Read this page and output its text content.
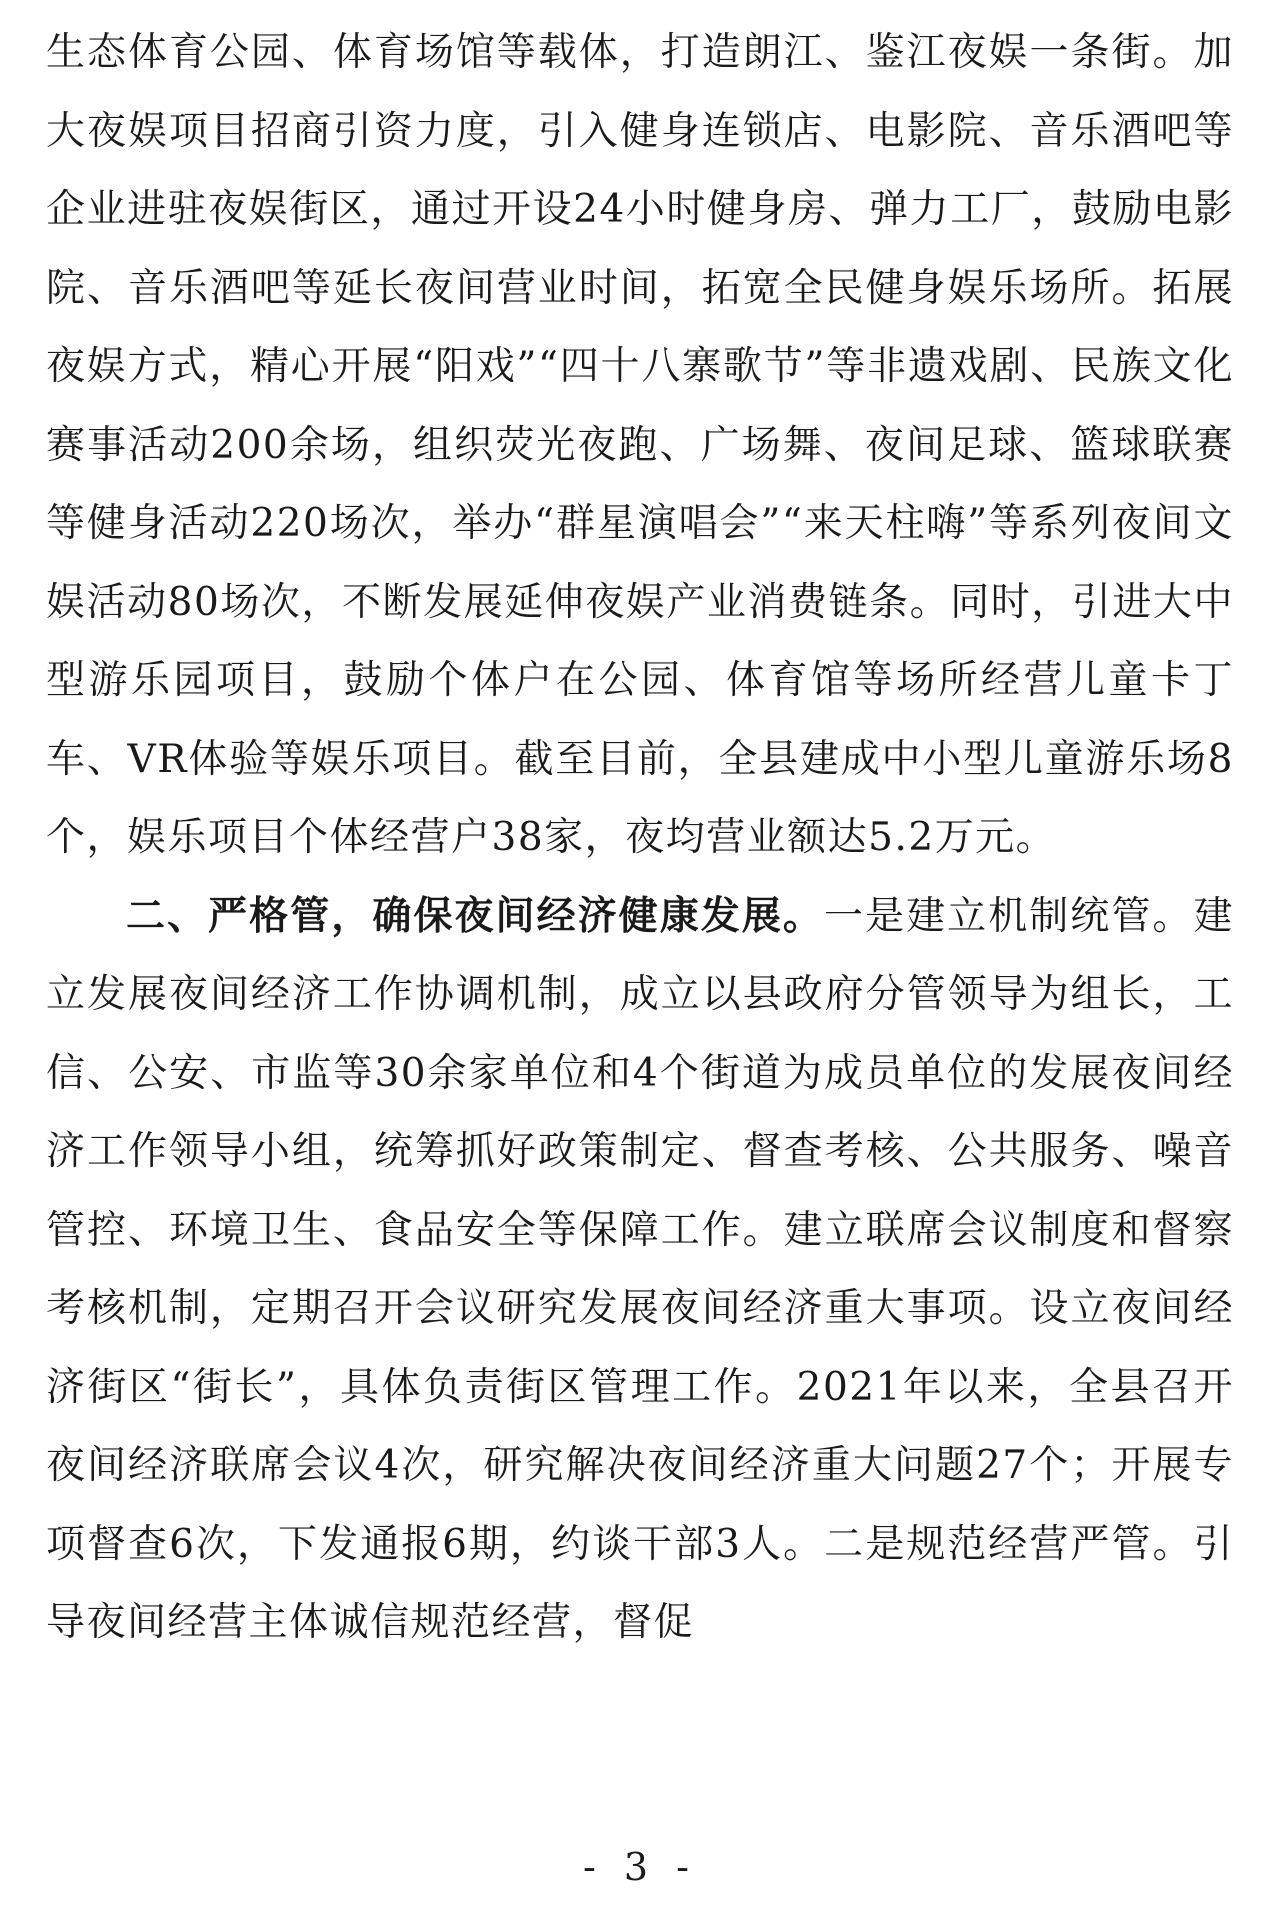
生态体育公园、体育场馆等载体，打造朗江、鉴江夜娱一条街。加大夜娱项目招商引资力度，引入健身连锁店、电影院、音乐酒吧等企业进驻夜娱街区，通过开设24小时健身房、弹力工厂，鼓励电影院、音乐酒吧等延长夜间营业时间，拓宽全民健身娱乐场所。拓展夜娱方式，精心开展“阳戏”“四十八寨歌节”等非遗戏剧、民族文化赛事活动200余场，组织荧光夜跑、广场舞、夜间足球、篮球联赛等健身活动220场次，举办“群星演唱会”“来天柱嗨”等系列夜间文娱活动80场次，不断发展延伸夜娱产业消费链条。同时，引进大中型游乐园项目，鼓励个体户在公园、体育馆等场所经营儿童卡丁车、VR体验等娱乐项目。截至目前，全县建成中小型儿童游乐场8个，娱乐项目个体经营户38家，夜均营业额达5.2万元。

二、严格管，确保夜间经济健康发展。一是建立机制统管。建立发展夜间经济工作协调机制，成立以县政府分管领导为组长，工信、公安、市监等30余家单位和4个街道为成员单位的发展夜间经济工作领导小组，统筹抓好政策制定、督查考核、公共服务、噪音管控、环境卫生、食品安全等保障工作。建立联席会议制度和督察考核机制，定期召开会议研究发展夜间经济重大事项。设立夜间经济街区“街长”，具体负责街区管理工作。2021年以来，全县召开夜间经济联席会议4次，研究解决夜间经济重大问题27个；开展专项督查6次，下发通报6期，约谈干部3人。二是规范经营严管。引导夜间经营主体诚信规范经营，督促

- 3 -
